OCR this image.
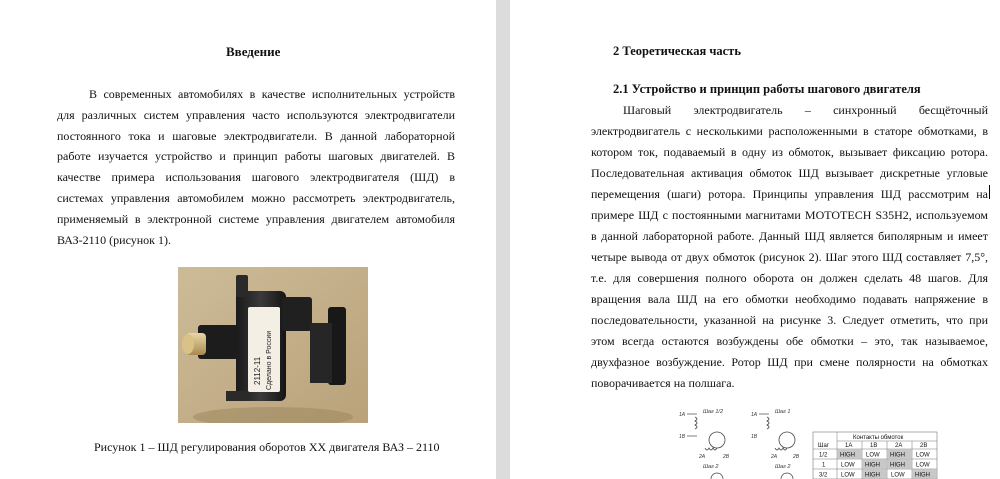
Введение
В современных автомобилях в качестве исполнительных устройств
для различных систем управления часто используются электродвигатели
постоянного тока и шаговые электродвигатели. В данной лабораторной
работе изучается устройство и принцип работы шаговых двигателей. В
качестве примера использования шагового электродвигателя (ШД) в
системах управления автомобилем можно рассмотреть электродвигатель,
применяемый в электронной системе управления двигателем автомобиля
ВАЗ-2110 (рисунок 1).
2112-11 Сделано в России
Рисунок 1 – ШД регулирования оборотов ХХ двигателя ВАЗ – 2110
2 Теоретическая часть
2.1 Устройство и принцип работы шагового двигателя
Шаговый электродвигатель – синхронный бесщёточный
электродвигатель с несколькими расположенными в статоре обмотками, в
котором ток, подаваемый в одну из обмоток, вызывает фиксацию ротора.
Последовательная активация обмоток ШД вызывает дискретные угловые
перемещения (шаги) ротора. Принципы управления ШД рассмотрим на
примере ШД с постоянными магнитами MOTOTECH S35H2, используемом
в данной лабораторной работе. Данный ШД является биполярным и имеет
четыре вывода от двух обмоток (рисунок 2). Шаг этого ШД составляет 7,5°,
т.е. для совершения полного оборота он должен сделать 48 шагов. Для
вращения вала ШД на его обмотки необходимо подавать напряжение в
последовательности, указанной на рисунке 3. Следует отметить, что при
этом всегда остаются возбуждены обе обмотки – это, так называемое,
двухфазное возбуждение. Ротор ШД при смене полярности на обмотках
поворачивается на полшага.
Шаг 1/2
1A
1B
2A	2B
Шаг 1
1A
1B
2A	2B
Шаг 2	Шаг 2
Контакты обмоток
Шаг	1A	1B	2A	2B
1/2 HIGH LOW HIGH LOW
1	LOW HIGH HIGH LOW
3/2 LOW HIGH LOW HIGH
